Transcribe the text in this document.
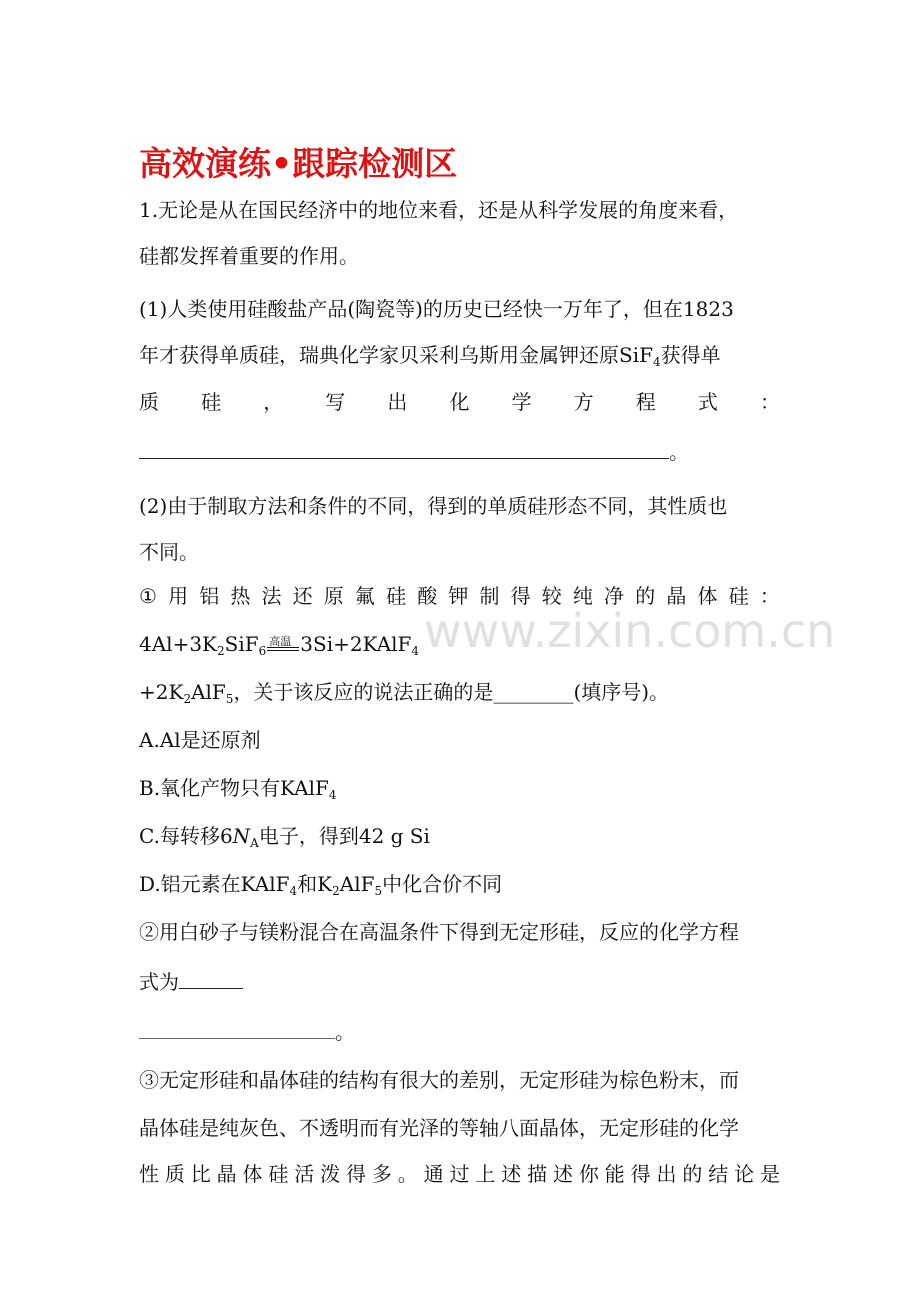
高效演练•跟踪检测区
1.无论是从在国民经济中的地位来看，还是从科学发展的角度来看，
硅都发挥着重要的作用。
(1)人类使用硅酸盐产品(陶瓷等)的历史已经快一万年了，但在1823
年才获得单质硅，瑞典化学家贝采利乌斯用金属钾还原SiF$_4$获得单
质 硅 ， 写 出 化 学 方 程 式 ：
。
(2)由于制取方法和条件的不同，得到的单质硅形态不同，其性质也
不同。
① 用 铝 热 法 还 原 氟 硅 酸 钾 制 得 较 纯 净 的 晶 体 硅 ：
$4Al+3K_2SiF_6$
高温 3Si+2KAlF$_4$ www.zixin.com.cn
$+2K_2AlF_5$，关于该反应的说法正确的是________(填序号)。
A.Al是还原剂
B.氧化产物只有KAlF$_4$
C.每转移$6N_A$电子，得到42 g Si
D.铝元素在KAlF$_4$和$K_2AlF_5$中化合价不同
②用白砂子与镁粉混合在高温条件下得到无定形硅，反应的化学方程
式为
。
③无定形硅和晶体硅的结构有很大的差别，无定形硅为棕色粉末，而
晶体硅是纯灰色、不透明而有光泽的等轴八面晶体，无定形硅的化学
性 质 比 晶 体 硅 活 泼 得 多 。 通 过 上 述 描 述 你 能 得 出 的 结 论 是
